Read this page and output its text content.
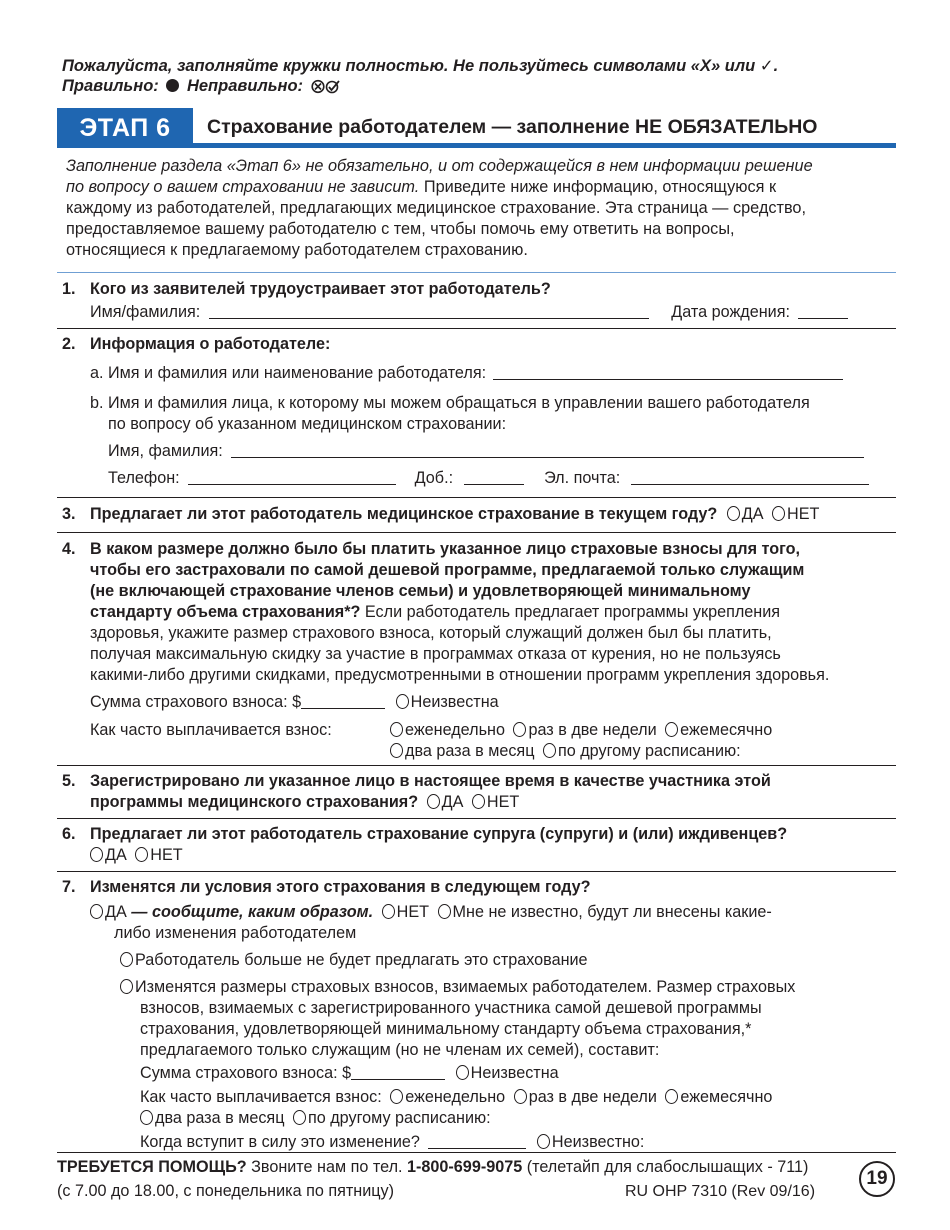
Пожалуйста, заполняйте кружки полностью. Не пользуйтесь символами «Х» или ✓.
Правильно: Неправильно:
ЭТАП 6	Страхование работодателем — заполнение НЕ ОБЯЗАТЕЛЬНО
Заполнение раздела «Этап 6» не обязательно, и от содержащейся в нем информации решение
по вопросу о вашем страховании не зависит. Приведите ниже информацию, относящуюся к
каждому из работодателей, предлагающих медицинское страхование. Эта страница — средство,
предоставляемое вашему работодателю с тем, чтобы помочь ему ответить на вопросы,
относящиеся к предлагаемому работодателем страхованию.
1. Кого из заявителей трудоустраивает этот работодатель?
Имя/фамилия:	Дата рождения:
2. Информация о работодателе:
a. Имя и фамилия или наименование работодателя:
b. Имя и фамилия лица, к которому мы можем обращаться в управлении вашего работодателя
по вопросу об указанном медицинском страховании:
Имя, фамилия:
Телефон:	Доб.:	Эл. почта:
3. Предлагает ли этот работодатель медицинское страхование в текущем году? ДА НЕТ
4. В каком размере должно было бы платить указанное лицо страховые взносы для того,
чтобы его застраховали по самой дешевой программе, предлагаемой только служащим
(не включающей страхование членов семьи) и удовлетворяющей минимальному
стандарту объема страхования*? Если работодатель предлагает программы укрепления
здоровья, укажите размер страхового взноса, который служащий должен был бы платить,
получая максимальную скидку за участие в программах отказа от курения, но не пользуясь
какими-либо другими скидками, предусмотренными в отношении программ укрепления здоровья.
Сумма страхового взноса: $	Неизвестна
Как часто выплачивается взнос:	еженедельно раз в две недели ежемесячно
два раза в месяц по другому расписанию:
5. Зарегистрировано ли указанное лицо в настоящее время в качестве участника этой
программы медицинского страхования? ДА НЕТ
6. Предлагает ли этот работодатель страхование супруга (супруги) и (или) иждивенцев?
ДА НЕТ
7. Изменятся ли условия этого страхования в следующем году?
ДА — сообщите, каким образом. НЕТ Мне не известно, будут ли внесены какие-
либо изменения работодателем
Работодатель больше не будет предлагать это страхование
Изменятся размеры страховых взносов, взимаемых работодателем. Размер страховых
взносов, взимаемых с зарегистрированного участника самой дешевой программы
страхования, удовлетворяющей минимальному стандарту объема страхования,*
предлагаемого только служащим (но не членам их семей), составит:
Сумма страхового взноса: $	Неизвестна
Как часто выплачивается взнос: еженедельно раз в две недели ежемесячно
два раза в месяц по другому расписанию:
Когда вступит в силу это изменение?	Неизвестно:
ТРЕБУЕТСЯ ПОМОЩЬ? Звоните нам по тел. 1-800-699-9075 (телетайп для слабослышащих - 711)
(с 7.00 до 18.00, с понедельника по пятницу)	RU OHP 7310 (Rev 09/16)
19
